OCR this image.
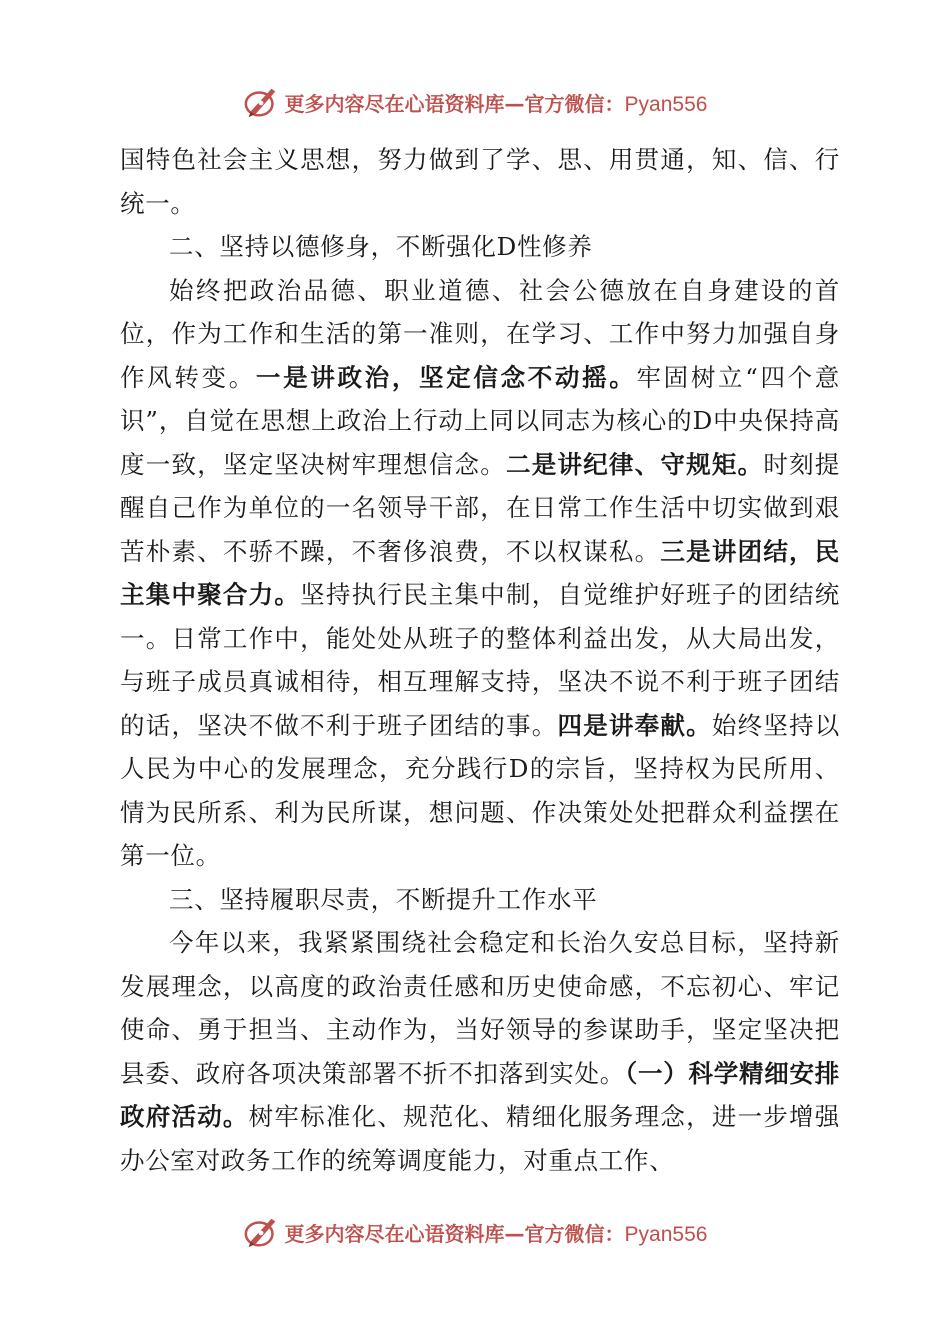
更多内容尽在心语资料库—官方微信：Pyan556

国特色社会主义思想，努力做到了学、思、用贯通，知、信、行统一。

二、坚持以德修身，不断强化D性修养

始终把政治品德、职业道德、社会公德放在自身建设的首位，作为工作和生活的第一准则，在学习、工作中努力加强自身作风转变。一是讲政治，坚定信念不动摇。牢固树立“四个意识”，自觉在思想上政治上行动上同以同志为核心的D中央保持高度一致，坚定坚决树牢理想信念。二是讲纪律、守规矩。时刻提醒自己作为单位的一名领导干部，在日常工作生活中切实做到艰苦朴素、不骄不躁，不奢侈浪费，不以权谋私。三是讲团结，民主集中聚合力。坚持执行民主集中制，自觉维护好班子的团结统一。日常工作中，能处处从班子的整体利益出发，从大局出发，与班子成员真诚相待，相互理解支持，坚决不说不利于班子团结的话，坚决不做不利于班子团结的事。四是讲奉献。始终坚持以人民为中心的发展理念，充分践行D的宗旨，坚持权为民所用、情为民所系、利为民所谋，想问题、作决策处处把群众利益摆在第一位。

三、坚持履职尽责，不断提升工作水平

今年以来，我紧紧围绕社会稳定和长治久安总目标，坚持新发展理念，以高度的政治责任感和历史使命感，不忘初心、牢记使命、勇于担当、主动作为，当好领导的参谋助手，坚定坚决把县委、政府各项决策部署不折不扣落到实处。（一）科学精细安排政府活动。树牢标准化、规范化、精细化服务理念，进一步增强办公室对政务工作的统筹调度能力，对重点工作、

更多内容尽在心语资料库—官方微信：Pyan556
